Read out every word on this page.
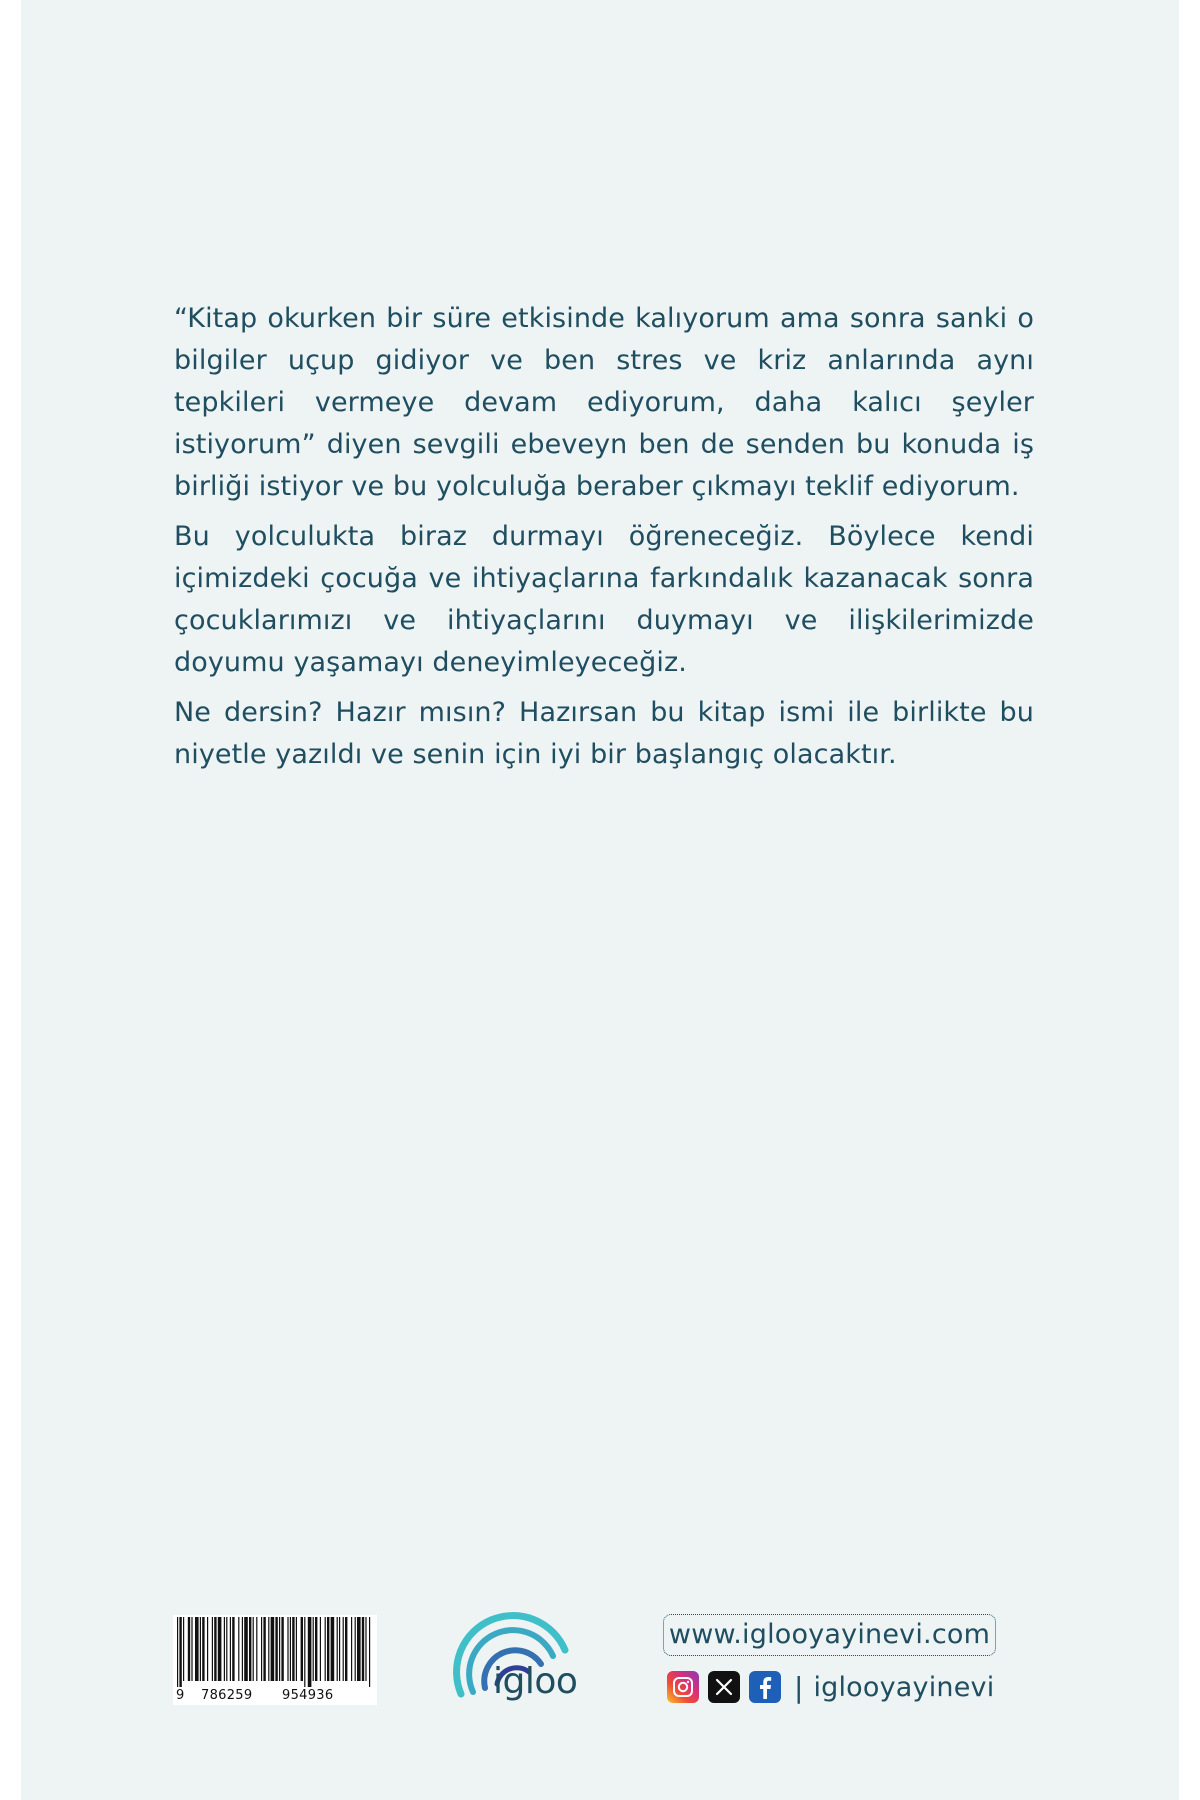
“Kitap okurken bir süre etkisinde kalıyorum ama sonra sanki o bilgiler uçup gidiyor ve ben stres ve kriz anlarında aynı tepkileri vermeye devam ediyorum, daha kalıcı şeyler istiyorum” diyen sevgili ebeveyn ben de senden bu konuda iş birliği istiyor ve bu yolculuğa beraber çıkmayı teklif ediyorum.

Bu yolculukta biraz durmayı öğreneceğiz. Böylece kendi içimizdeki çocuğa ve ihtiyaçlarına farkındalık kazanacak sonra çocuklarımızı ve ihtiyaçlarını duymayı ve ilişkilerimizde doyumu yaşamayı deneyimleyeceğiz.

Ne dersin? Hazır mısın? Hazırsan bu kitap ismi ile birlikte bu niyetle yazıldı ve senin için iyi bir başlangıç olacaktır.

9 786259 954936	igloo
www.iglooyayinevi.com
| iglooyayinevi
